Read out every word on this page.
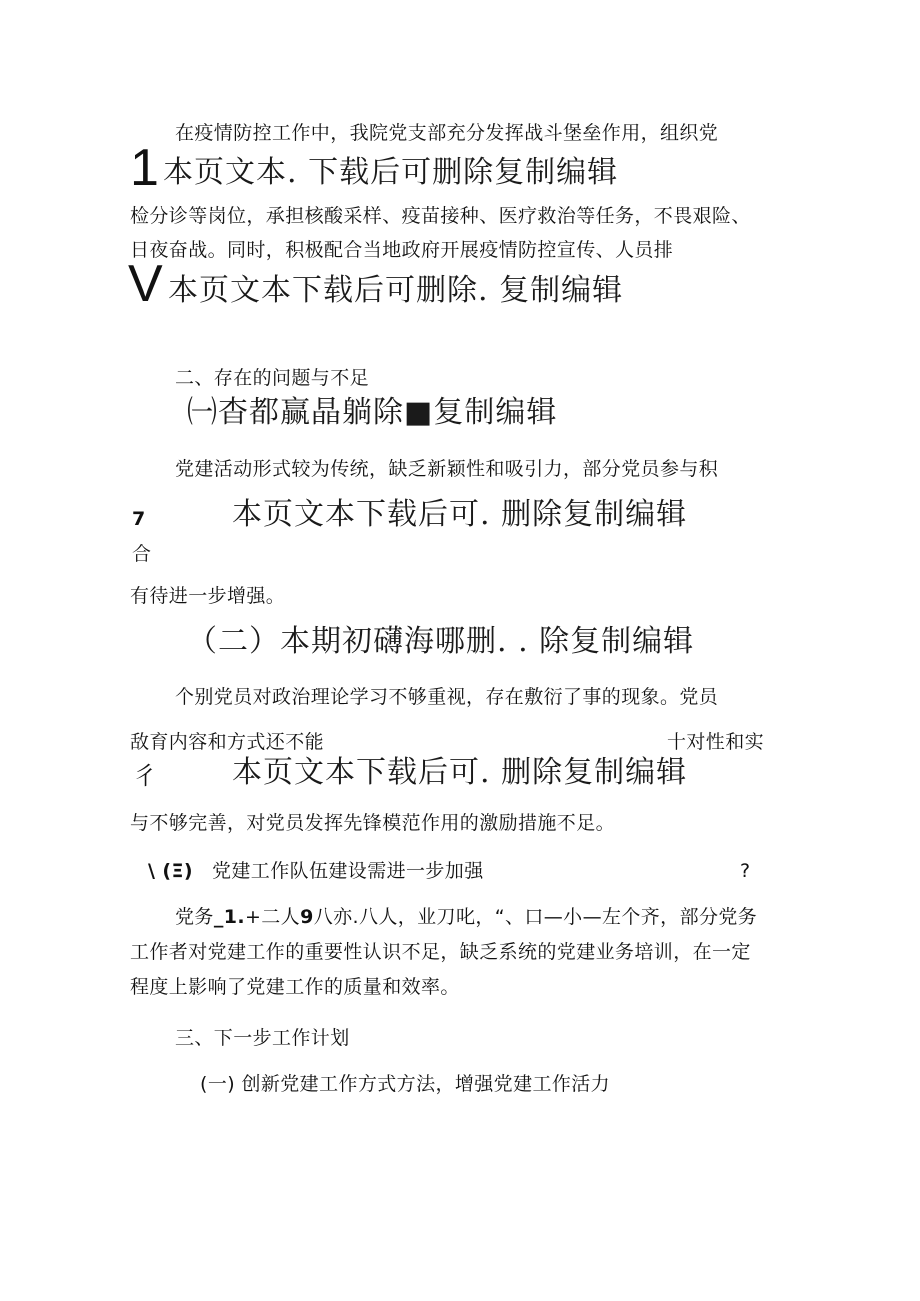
在疫情防控工作中，我院党支部充分发挥战斗堡垒作用，组织党
1 本页文本. 下载后可删除复制编辑
检分诊等岗位，承担核酸采样、疫苗接种、医疗救治等任务，不畏艰险、
日夜奋战。同时，积极配合当地政府开展疫情防控宣传、人员排
V 本页文本下载后可删除. 复制编辑
二、存在的问题与不足
㈠杳都赢晶躺除■复制编辑
党建活动形式较为传统，缺乏新颖性和吸引力，部分党员参与积
7	本页文本下载后可. 删除复制编辑
合
有待进一步增强。
（二）本期初礴海哪删. . 除复制编辑
个别党员对政治理论学习不够重视，存在敷衍了事的现象。党员
敌育内容和方式还不能	十对性和实
彳 本页文本下载后可. 删除复制编辑
与不够完善，对党员发挥先锋模范作用的激励措施不足。
\ (Ξ) 党建工作队伍建设需进一步加强	?
党务_1.+二人9八亦.八人，业刀叱，“、口—小—左个齐，部分党务
工作者对党建工作的重要性认识不足，缺乏系统的党建业务培训，在一定
程度上影响了党建工作的质量和效率。
三、下一步工作计划
(一) 创新党建工作方式方法，增强党建工作活力
